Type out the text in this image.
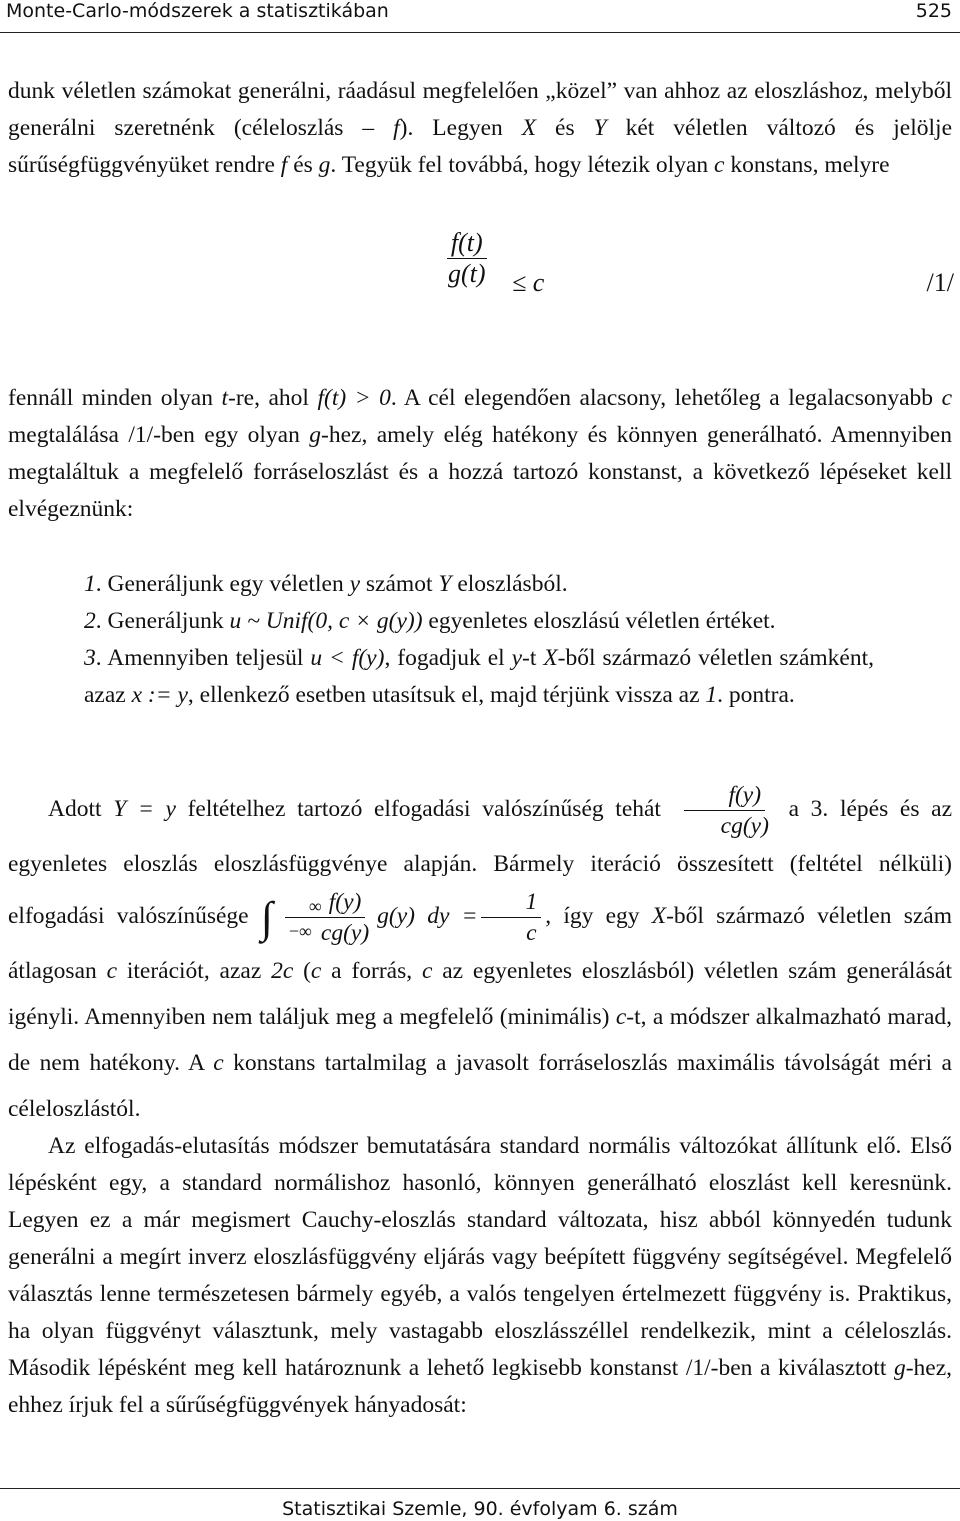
Monte-Carlo-módszerek a statisztikában	525

dunk véletlen számokat generálni, ráadásul megfelelően „közel” van ahhoz az eloszláshoz, melyből generálni szeretnénk (céleloszlás – f). Legyen X és Y két véletlen változó és jelölje sűrűségfüggvényüket rendre f és g. Tegyük fel továbbá, hogy létezik olyan c konstans, melyre

$\frac{f(t)}{g(t)} \le c$	/1/

fennáll minden olyan t-re, ahol f(t) > 0. A cél elegendően alacsony, lehetőleg a legalacsonyabb c megtalálása /1/-ben egy olyan g-hez, amely elég hatékony és könnyen generálható. Amennyiben megtaláltuk a megfelelő forráseloszlást és a hozzá tartozó konstanst, a következő lépéseket kell elvégeznünk:

1. Generáljunk egy véletlen y számot Y eloszlásból.

2. Generáljunk u ~ Unif(0, c × g(y)) egyenletes eloszlású véletlen értéket.

3. Amennyiben teljesül u < f(y), fogadjuk el y-t X-ből származó véletlen számként, azaz x := y, ellenkező esetben utasítsuk el, majd térjünk vissza az 1. pontra.

Adott Y = y feltételhez tartozó elfogadási valószínűség tehát $\frac{f(y)}{cg(y)}$ a 3. lépés és az egyenletes eloszlás eloszlásfüggvénye alapján. Bármely iteráció összesített (feltétel nélküli) elfogadási valószínűsége ∫	∞
−∞
$\frac{f(y)}{cg(y)} g(y)$ dy = $\frac{1}{c}$ , így egy X-ből származó véletlen szám átlagosan c iterációt, azaz 2c (c a forrás, c az egyenletes eloszlásból) véletlen szám generálását igényli. Amennyiben nem találjuk meg a megfelelő (minimális) c-t, a módszer alkalmazható marad, de nem hatékony. A c konstans tartalmilag a javasolt forráseloszlás maximális távolságát méri a céleloszlástól.

Az elfogadás-elutasítás módszer bemutatására standard normális változókat állítunk elő. Első lépésként egy, a standard normálishoz hasonló, könnyen generálható eloszlást kell keresnünk. Legyen ez a már megismert Cauchy-eloszlás standard változata, hisz abból könnyedén tudunk generálni a megírt inverz eloszlásfüggvény eljárás vagy beépített függvény segítségével. Megfelelő választás lenne természetesen bármely egyéb, a valós tengelyen értelmezett függvény is. Praktikus, ha olyan függvényt választunk, mely vastagabb eloszlásszéllel rendelkezik, mint a céleloszlás. Második lépésként meg kell határoznunk a lehető legkisebb konstanst /1/-ben a kiválasztott g-hez, ehhez írjuk fel a sűrűségfüggvények hányadosát:

Statisztikai Szemle, 90. évfolyam 6. szám
